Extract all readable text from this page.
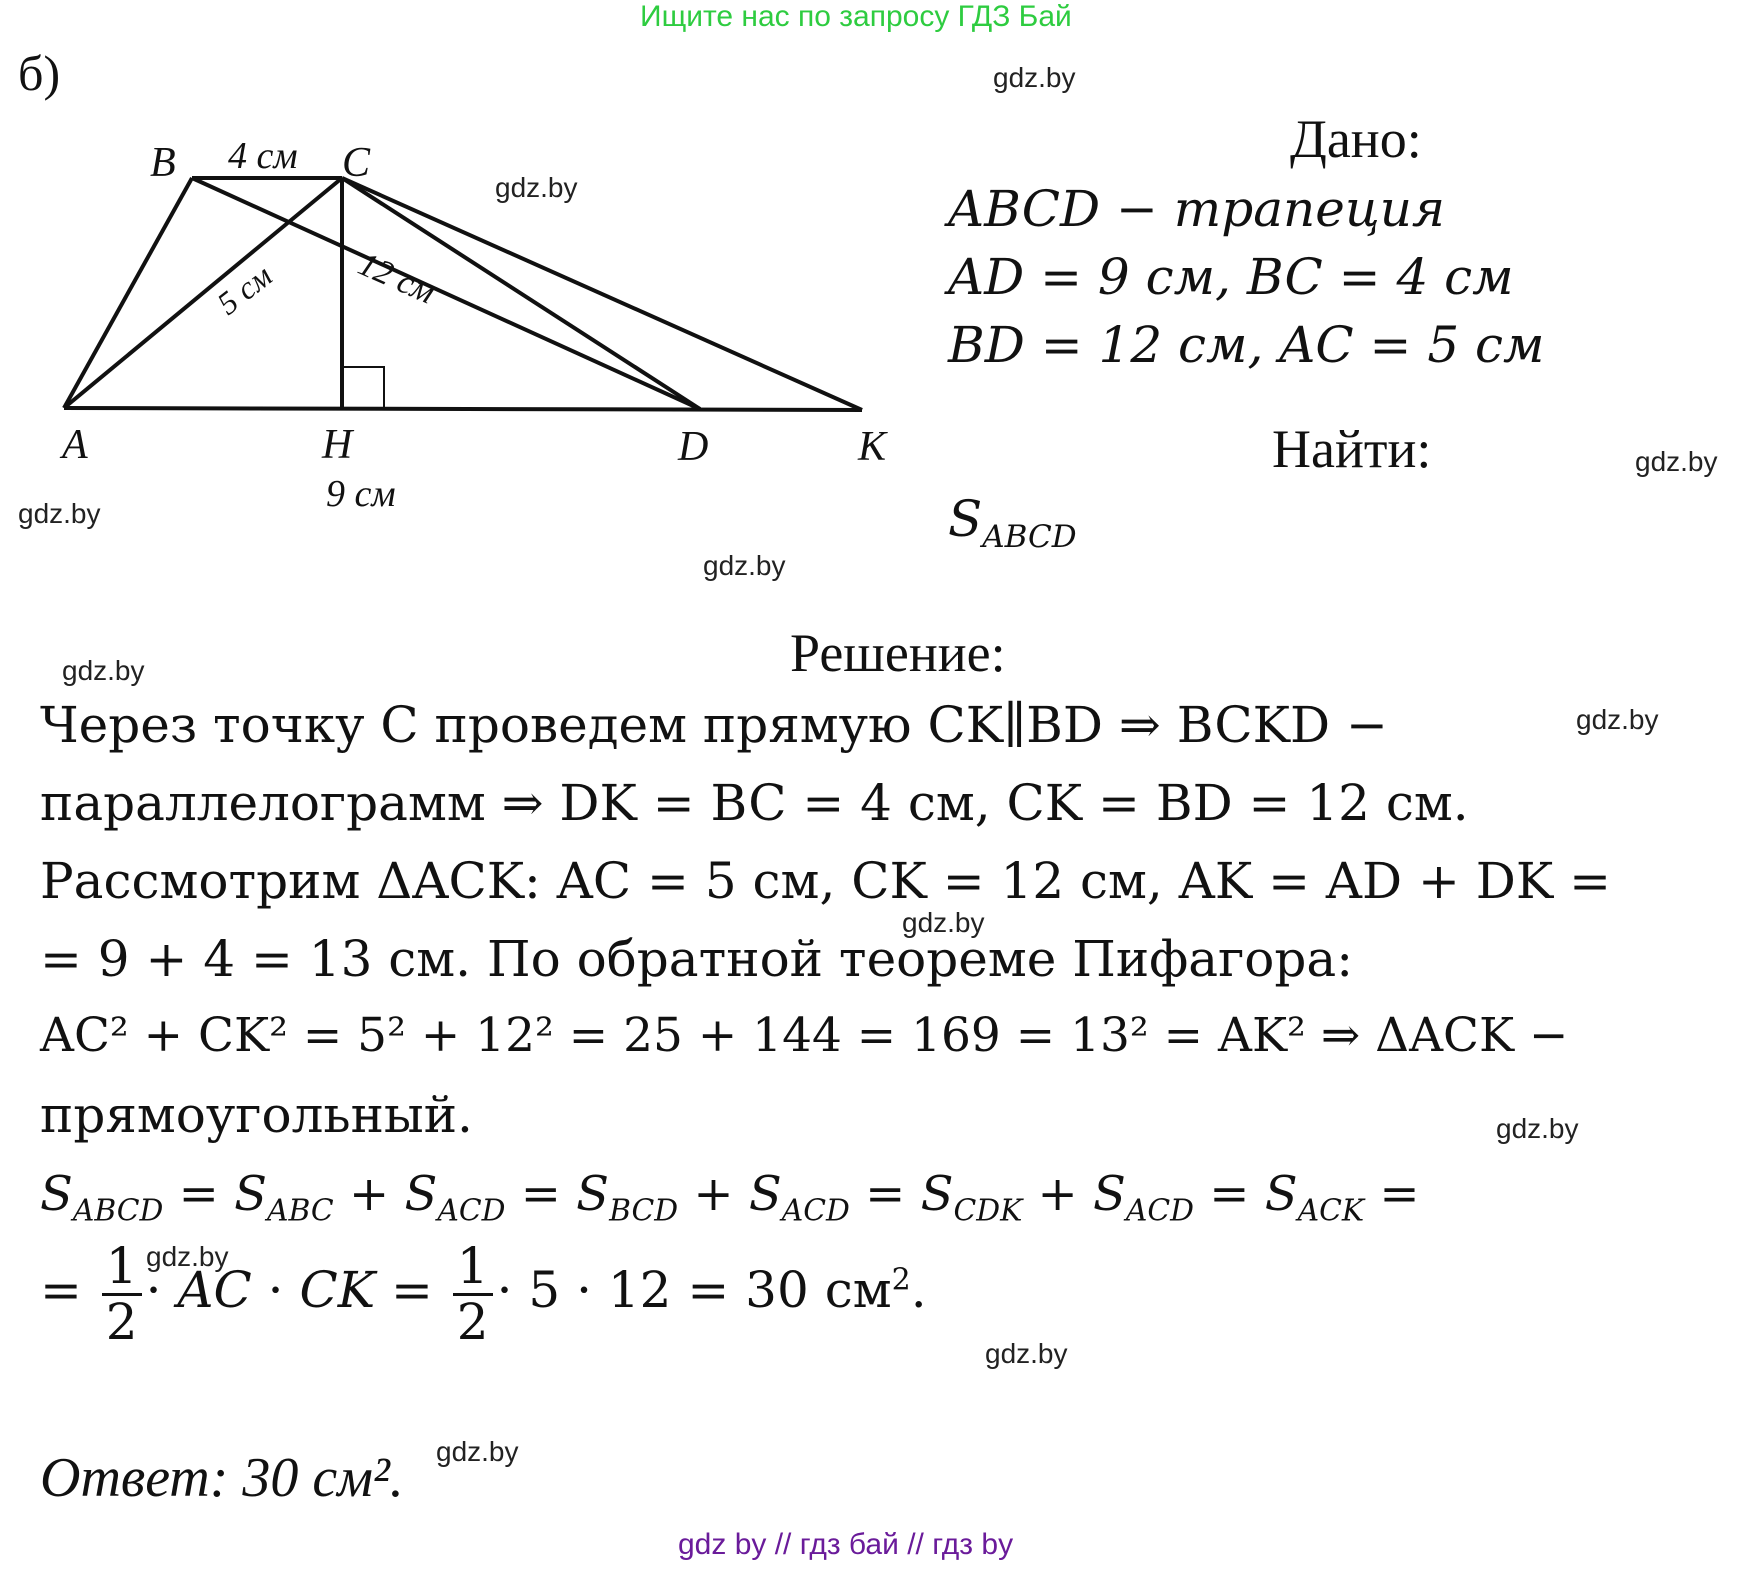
Ищите нас по запросу ГДЗ Бай
б)	gdz.by
gdz.by
gdz.by
gdz.by
gdz.by
gdz.by
gdz.by
gdz.by
gdz.by
gdz.by
gdz.by
gdz.by
B	C
A	H	D	K
4 см
9 см
5 см 12 см
Дано:
ABCD − трапеция
AD = 9 см, BC = 4 см
BD = 12 см, AC = 5 см
Найти:
$S_{ABCD}$
Решение:
Через точку C проведем прямую CK∥BD ⇒ BCKD −
параллелограмм ⇒ DK = BC = 4 см, CK = BD = 12 см.
Рассмотрим ΔACK: AC = 5 см, CK = 12 см, AK = AD + DK =
= 9 + 4 = 13 см. По обратной теореме Пифагора:
AC² + CK² = 5² + 12² = 25 + 144 = 169 = 13² = AK² ⇒ ΔACK −
прямоугольный.
$S_{ABCD} = S_{ABC} + S_{ACD} = S_{BCD} + S_{ACD} = S_{CDK} + S_{ACD} = S_{ACK}$ =
= $\frac{1}{2}$ · AC · CK = $\frac{1}{2} \cdot 5 \cdot 12 = 30$ $см^2$.
Ответ: 30 см².
gdz by // гдз бай // гдз by
